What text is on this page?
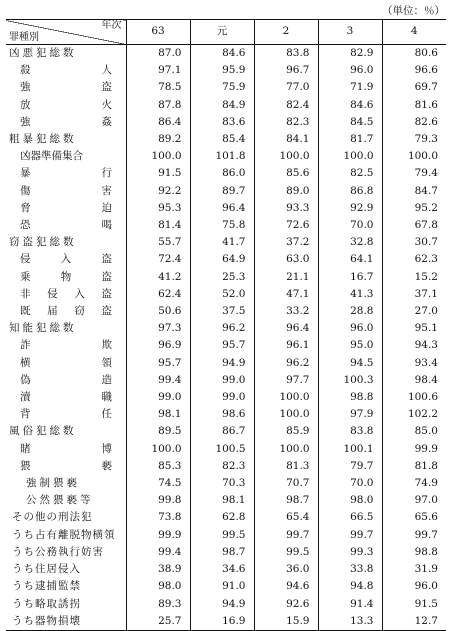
（単位：％）
年次
罪種別	63	元	2	3	4
凶悪犯総数	87.0	84.6	83.8	82.9	80.6

殺 人	97.1	95.9	96.7	96.0	96.6

強 盗	78.5	75.9	77.0	71.9	69.7

放 火	87.8	84.9	82.4	84.6	81.6

強 姦	86.4	83.6	82.3	84.5	82.6
粗暴犯総数	89.2	85.4	84.1	81.7	79.3
凶器準備集合	100.0	101.8	100.0	100.0	100.0

暴 行	91.5	86.0	85.6	82.5	79.4

傷 害	92.2	89.7	89.0	86.8	84.7

脅 迫	95.3	96.4	93.3	92.9	95.2

恐 喝	81.4	75.8	72.6	70.0	67.8
窃盗犯総数	55.7	41.7	37.2	32.8	30.7

侵 入 盗	72.4	64.9	63.0	64.1	62.3

乗 物 盗	41.2	25.3	21.1	16.7	15.2

非 侵 入 盗	62.4	52.0	47.1	41.3	37.1

既 届 窃 盗	50.6	37.5	33.2	28.8	27.0
知能犯総数	97.3	96.2	96.4	96.0	95.1

詐 欺	96.9	95.7	96.1	95.0	94.3

横 領	95.7	94.9	96.2	94.5	93.4

偽 造	99.4	99.0	97.7	100.3	98.4

瀆 職	99.0	99.0	100.0	98.8	100.6

背 任	98.1	98.6	100.0	97.9	102.2
風俗犯総数	89.5	86.7	85.9	83.8	85.0

賭 博	100.0	100.5	100.0	100.1	99.9

猥 褻	85.3	82.3	81.3	79.7	81.8
強制猥褻	74.5	70.3	70.7	70.0	74.9
公然猥褻等	99.8	98.1	98.7	98.0	97.0
その他の刑法犯	73.8	62.8	65.4	66.5	65.6
うち占有離脱物横領	99.9	99.5	99.7	99.7	99.7
うち公務執行妨害	99.4	98.7	99.5	99.3	98.8
うち住居侵入	38.9	34.6	36.0	33.8	31.9
うち逮捕監禁	98.0	91.0	94.6	94.8	96.0
うち略取誘拐	89.3	94.9	92.6	91.4	91.5
うち器物損壊	25.7	16.9	15.9	13.3	12.7
